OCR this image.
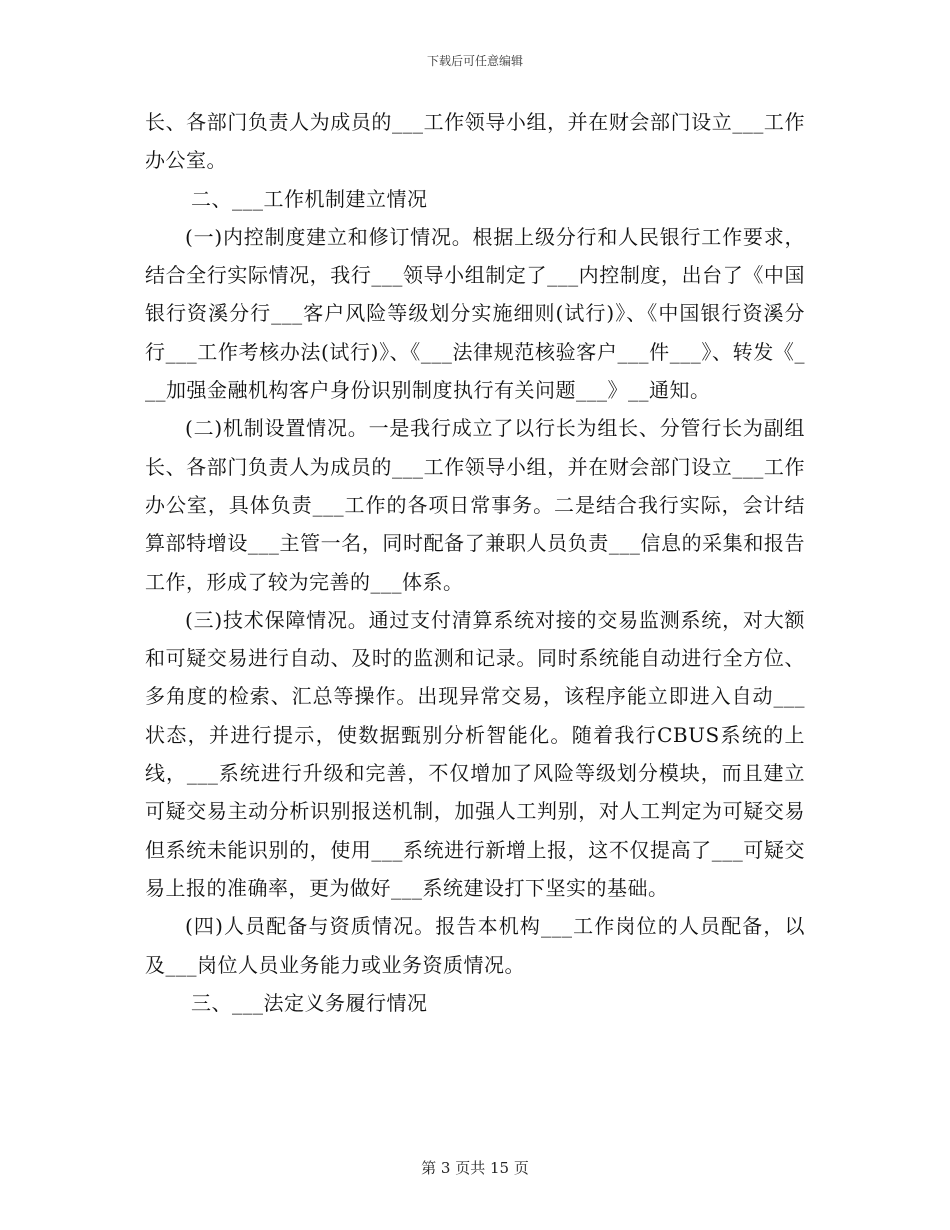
下载后可任意编辑

长、各部门负责人为成员的___工作领导小组，并在财会部门设立___工作办公室。

二、___工作机制建立情况

(一)内控制度建立和修订情况。根据上级分行和人民银行工作要求，结合全行实际情况，我行___领导小组制定了___内控制度，出台了《中国银行资溪分行___客户风险等级划分实施细则(试行)》、《中国银行资溪分行___工作考核办法(试行)》、《___法律规范核验客户___件___》、转发《___加强金融机构客户身份识别制度执行有关问题___》__通知。

(二)机制设置情况。一是我行成立了以行长为组长、分管行长为副组长、各部门负责人为成员的___工作领导小组，并在财会部门设立___工作办公室，具体负责___工作的各项日常事务。二是结合我行实际，会计结算部特增设___主管一名，同时配备了兼职人员负责___信息的采集和报告工作，形成了较为完善的___体系。

(三)技术保障情况。通过支付清算系统对接的交易监测系统，对大额和可疑交易进行自动、及时的监测和记录。同时系统能自动进行全方位、多角度的检索、汇总等操作。出现异常交易，该程序能立即进入自动___状态，并进行提示，使数据甄别分析智能化。随着我行CBUS系统的上线，___系统进行升级和完善，不仅增加了风险等级划分模块，而且建立可疑交易主动分析识别报送机制，加强人工判别，对人工判定为可疑交易但系统未能识别的，使用___系统进行新增上报，这不仅提高了___可疑交易上报的准确率，更为做好___系统建设打下坚实的基础。

(四)人员配备与资质情况。报告本机构___工作岗位的人员配备，以及___岗位人员业务能力或业务资质情况。

三、___法定义务履行情况

第 3 页共 15 页
